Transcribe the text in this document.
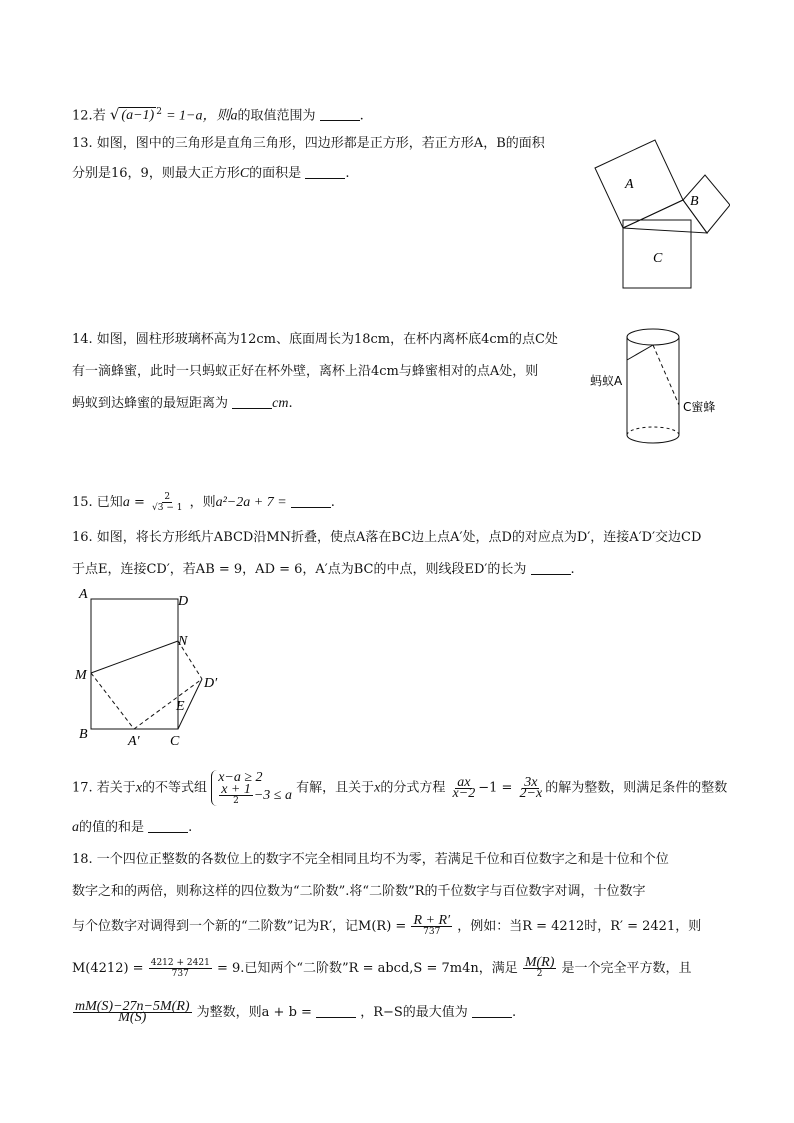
12.若 √ (a−1) $^2$ = 1−a，则a的取值范围为	.
13. 如图，图中的三角形是直角三角形，四边形都是正方形，若正方形A，B的面积
分别是16，9，则最大正方形C的面积是	.
A
B
C
14. 如图，圆柱形玻璃杯高为12cm、底面周长为18cm，在杯内离杯底4cm的点C处
有一滴蜂蜜，此时一只蚂蚁正好在杯外壁，离杯上沿4cm与蜂蜜相对的点A处，则
蚂蚁到达蜂蜜的最短距离为	cm.
蚂蚁A
C蜜蜂
15. 已知$a = \frac{2}{√3 - 1}$ ，则a²−2a + 7 =	.
16. 如图，将长方形纸片ABCD沿MN折叠，使点A落在BC边上点A′处，点D的对应点为D′，连接A′D′交边CD
于点E，连接CD′，若AB = 9，AD = 6，A′点为BC的中点，则线段ED′的长为	.
A	D
N
M
D′
E
B	A′ C
17. 若关于x的不等式组 x−a ≥ 2

$\frac{x + 1}{2} -3 \le a$ 有解，且关于x的分式方程 $\frac{ax}{x-2} -1 = \frac{3x}{2-x}$ 的解为整数，则满足条件的整数
a的值的和是	.
18. 一个四位正整数的各数位上的数字不完全相同且均不为零，若满足千位和百位数字之和是十位和个位
数字之和的两倍，则称这样的四位数为“二阶数”.将“二阶数”R的千位数字与百位数字对调，十位数字
与个位数字对调得到一个新的“二阶数”记为R′，记$M(R) = \frac{R + R'}{737}$ ，例如：当R = 4212时，R′ = 2421，则
$M(4212) = \frac{4212 + 2421}{737} = 9$.已知两个“二阶数”R = abcd,S = 7m4n，满足 $\frac{M(R)}{2}$ 是一个完全平方数，且
$\frac{mM(S)-27n-5M(R)}{M(S)}$ 为整数，则a + b =	，R−S的最大值为	.
